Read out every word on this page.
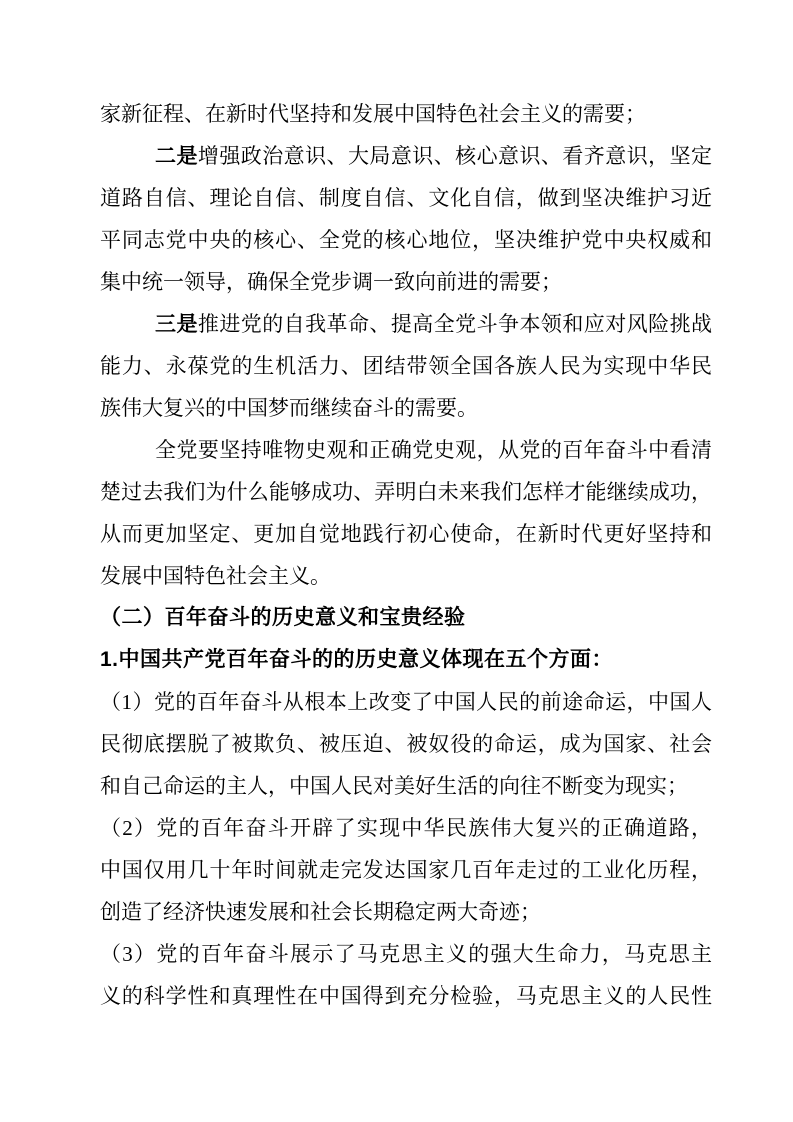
家新征程、在新时代坚持和发展中国特色社会主义的需要；
二是增强政治意识、大局意识、核心意识、看齐意识，坚定
道路自信、理论自信、制度自信、文化自信，做到坚决维护习近
平同志党中央的核心、全党的核心地位，坚决维护党中央权威和
集中统一领导，确保全党步调一致向前进的需要；
三是推进党的自我革命、提高全党斗争本领和应对风险挑战
能力、永葆党的生机活力、团结带领全国各族人民为实现中华民
族伟大复兴的中国梦而继续奋斗的需要。
全党要坚持唯物史观和正确党史观，从党的百年奋斗中看清
楚过去我们为什么能够成功、弄明白未来我们怎样才能继续成功，
从而更加坚定、更加自觉地践行初心使命，在新时代更好坚持和
发展中国特色社会主义。
（二）百年奋斗的历史意义和宝贵经验
1.中国共产党百年奋斗的的历史意义体现在五个方面：
（1）党的百年奋斗从根本上改变了中国人民的前途命运，中国人
民彻底摆脱了被欺负、被压迫、被奴役的命运，成为国家、社会
和自己命运的主人，中国人民对美好生活的向往不断变为现实；
（2）党的百年奋斗开辟了实现中华民族伟大复兴的正确道路，
中国仅用几十年时间就走完发达国家几百年走过的工业化历程，
创造了经济快速发展和社会长期稳定两大奇迹；
（3）党的百年奋斗展示了马克思主义的强大生命力，马克思主
义的科学性和真理性在中国得到充分检验，马克思主义的人民性
